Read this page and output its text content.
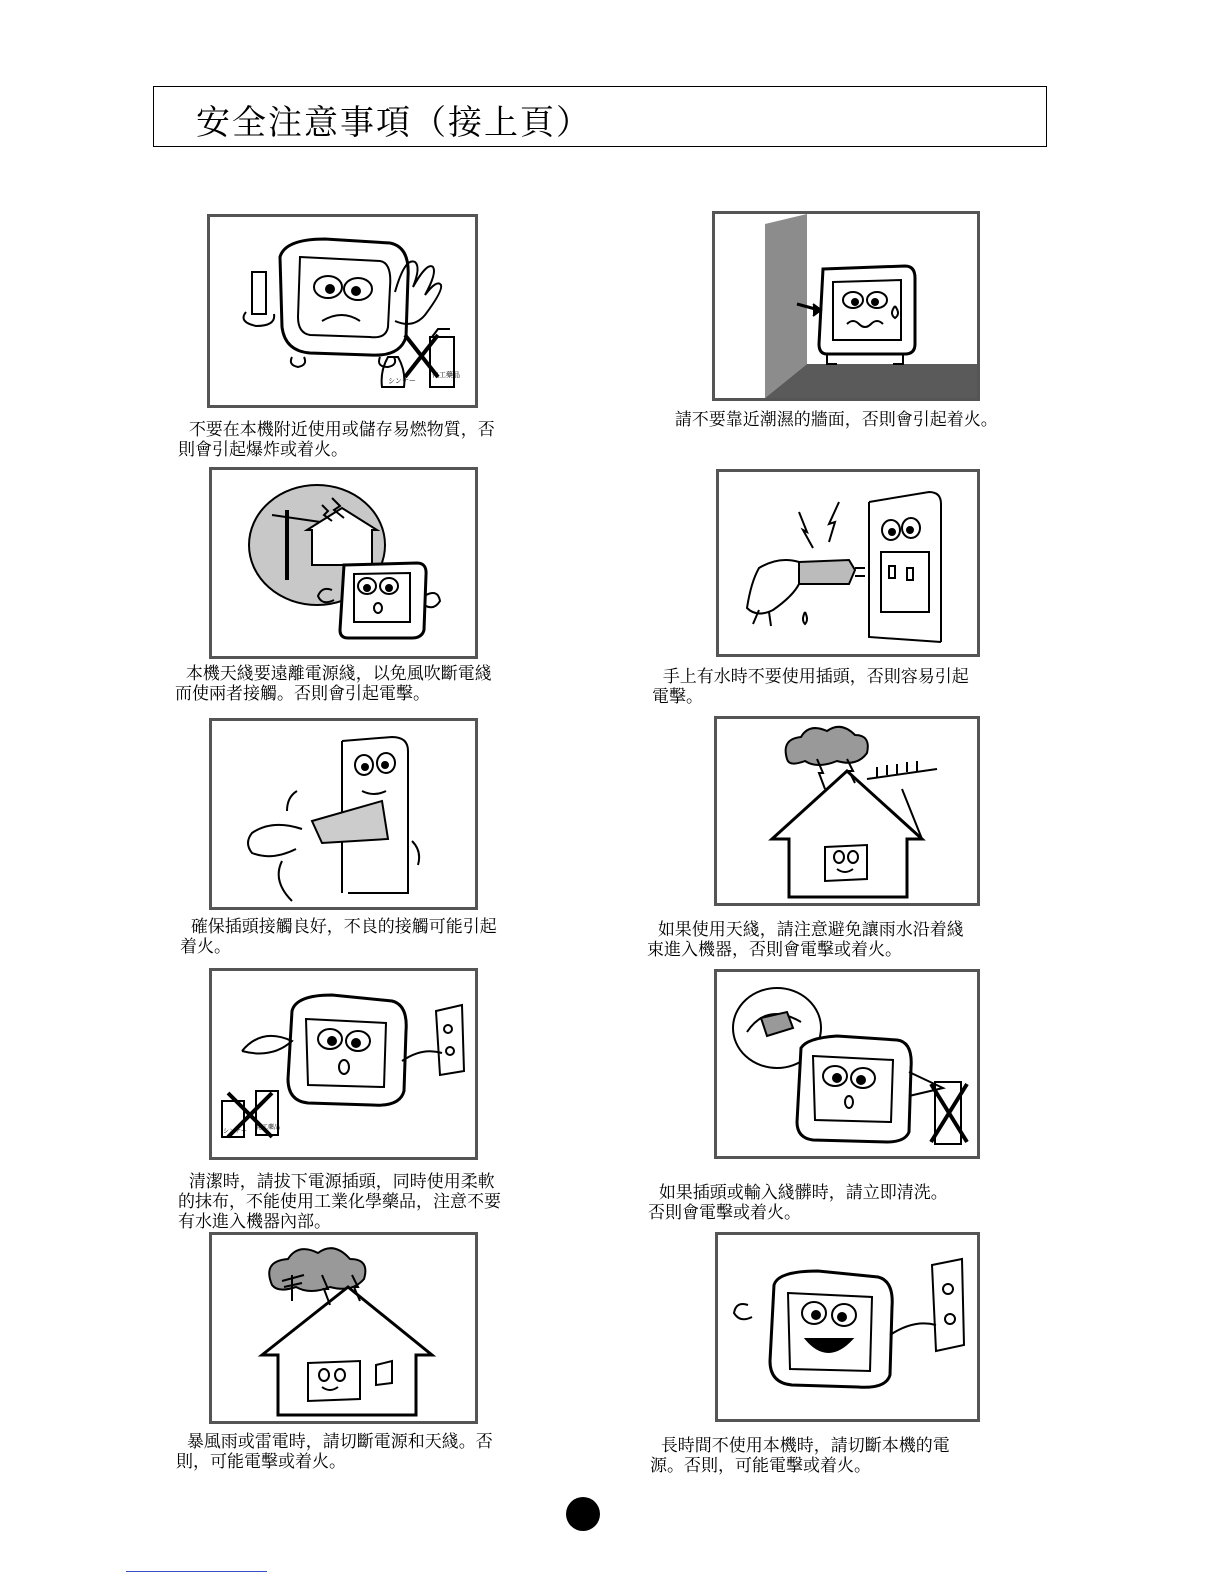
安全注意事項（接上頁）
シンナー
化工藥品
不要在本機附近使用或儲存易燃物質，否
則會引起爆炸或着火。
請不要靠近潮濕的牆面，否則會引起着火。
本機天綫要遠離電源綫，以免風吹斷電綫
而使兩者接觸。否則會引起電擊。
手上有水時不要使用插頭，否則容易引起
電擊。
確保插頭接觸良好，不良的接觸可能引起
着火。
如果使用天綫，請注意避免讓雨水沿着綫
束進入機器，否則會電擊或着火。
シンナー
化工藥品
清潔時，請拔下電源插頭，同時使用柔軟
的抹布，不能使用工業化學藥品，注意不要
有水進入機器內部。
如果插頭或輸入綫髒時，請立即清洗。
否則會電擊或着火。
暴風雨或雷電時，請切斷電源和天綫。否
則，可能電擊或着火。
長時間不使用本機時，請切斷本機的電
源。否則，可能電擊或着火。
